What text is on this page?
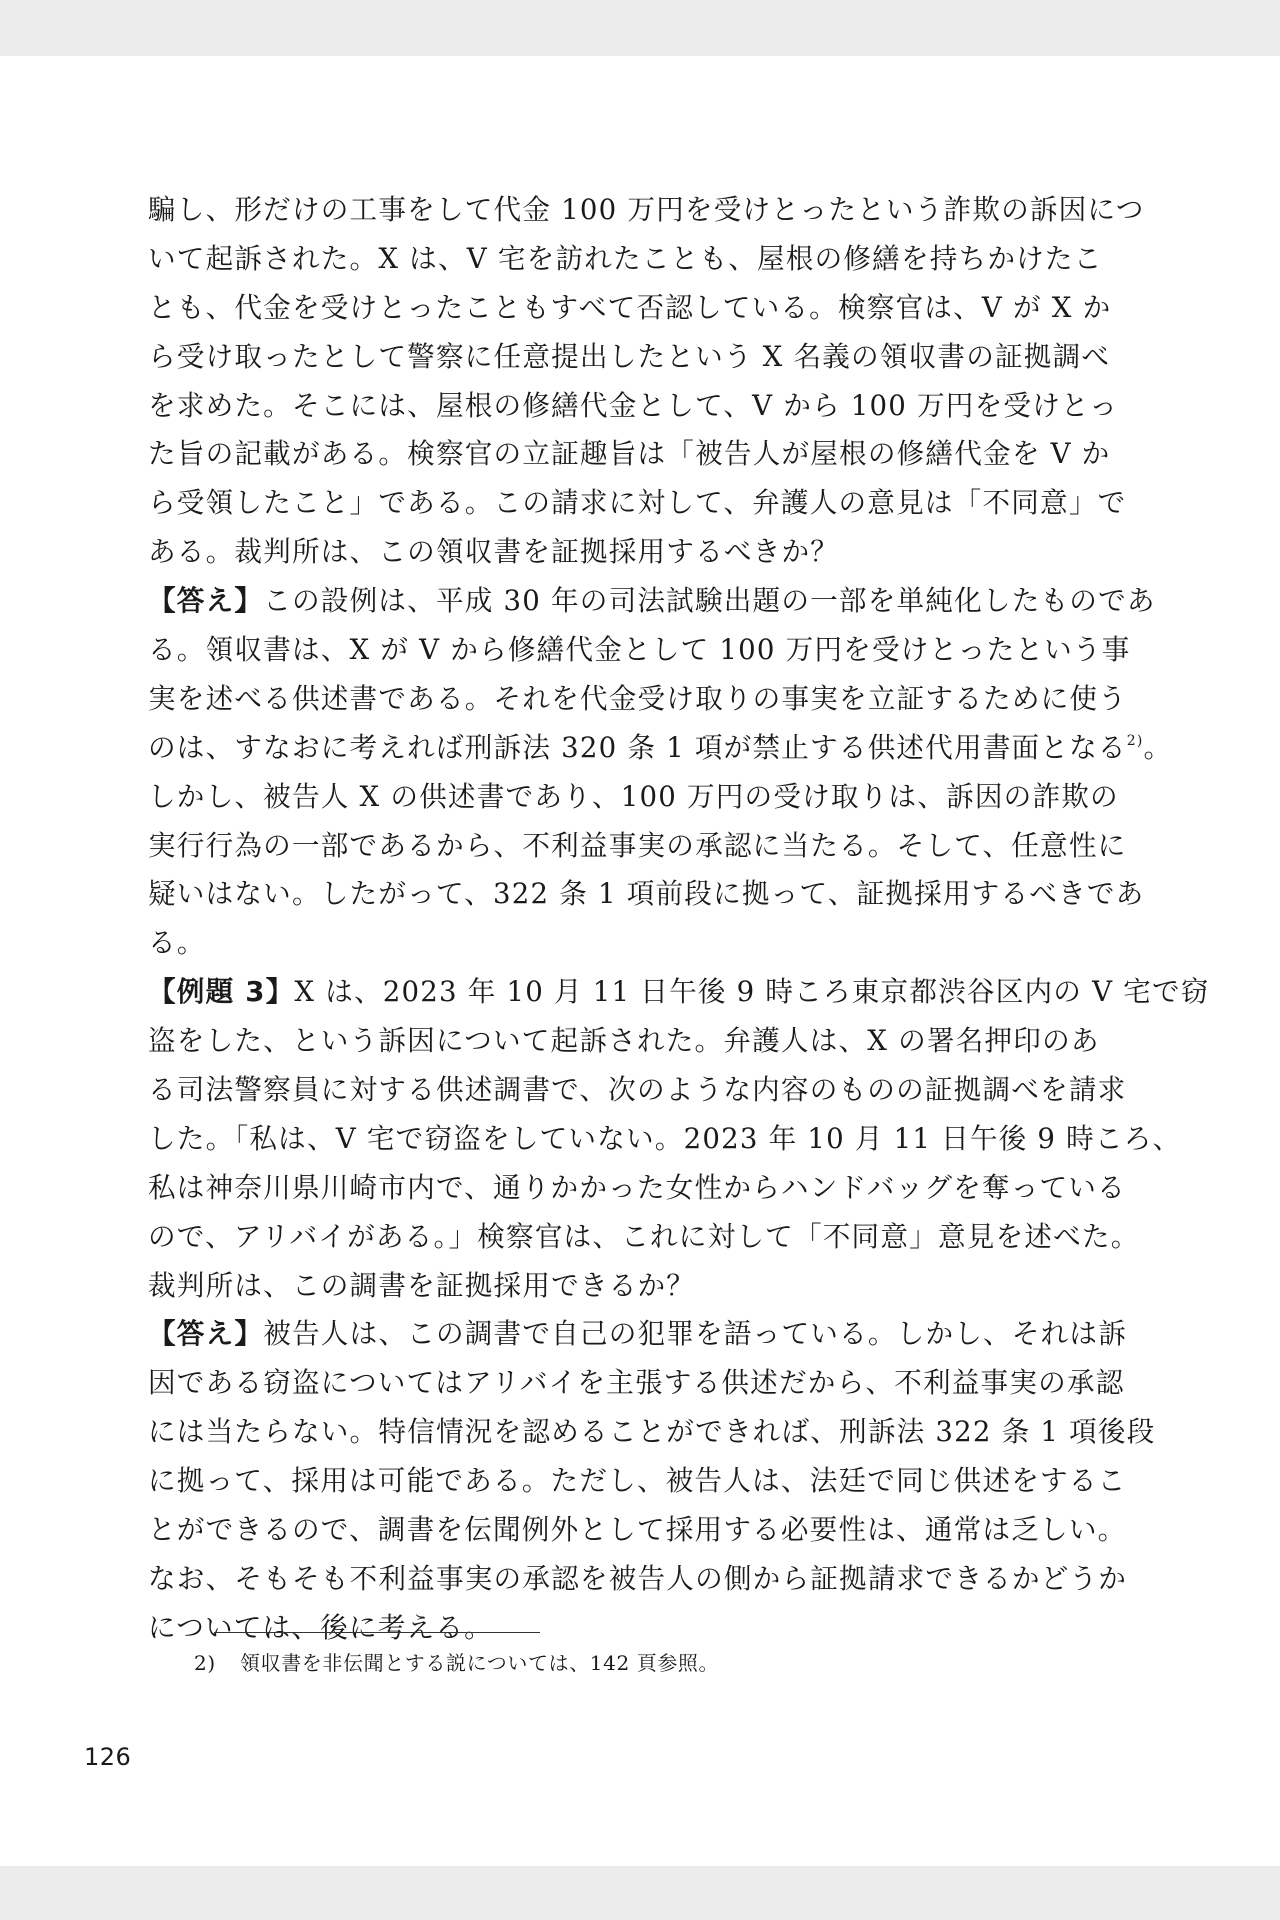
騙し、形だけの工事をして代金 100 万円を受けとったという詐欺の訴因につ
いて起訴された。X は、V 宅を訪れたことも、屋根の修繕を持ちかけたこ
とも、代金を受けとったこともすべて否認している。検察官は、V が X か
ら受け取ったとして警察に任意提出したという X 名義の領収書の証拠調べ
を求めた。そこには、屋根の修繕代金として、V から 100 万円を受けとっ
た旨の記載がある。検察官の立証趣旨は「被告人が屋根の修繕代金を V か
ら受領したこと」である。この請求に対して、弁護人の意見は「不同意」で
ある。裁判所は、この領収書を証拠採用するべきか？
【答え】この設例は、平成 30 年の司法試験出題の一部を単純化したものであ
る。領収書は、X が V から修繕代金として 100 万円を受けとったという事
実を述べる供述書である。それを代金受け取りの事実を立証するために使う
のは、すなおに考えれば刑訴法 320 条 1 項が禁止する供述代用書面となる$^{2)}$。
しかし、被告人 X の供述書であり、100 万円の受け取りは、訴因の詐欺の
実行行為の一部であるから、不利益事実の承認に当たる。そして、任意性に
疑いはない。したがって、322 条 1 項前段に拠って、証拠採用するべきであ
る。
【例題 3】X は、2023 年 10 月 11 日午後 9 時ころ東京都渋谷区内の V 宅で窃
盗をした、という訴因について起訴された。弁護人は、X の署名押印のあ
る司法警察員に対する供述調書で、次のような内容のものの証拠調べを請求
した。「私は、V 宅で窃盗をしていない。2023 年 10 月 11 日午後 9 時ころ、
私は神奈川県川崎市内で、通りかかった女性からハンドバッグを奪っている
ので、アリバイがある。」検察官は、これに対して「不同意」意見を述べた。
裁判所は、この調書を証拠採用できるか？
【答え】被告人は、この調書で自己の犯罪を語っている。しかし、それは訴
因である窃盗についてはアリバイを主張する供述だから、不利益事実の承認
には当たらない。特信情況を認めることができれば、刑訴法 322 条 1 項後段
に拠って、採用は可能である。ただし、被告人は、法廷で同じ供述をするこ
とができるので、調書を伝聞例外として採用する必要性は、通常は乏しい。
なお、そもそも不利益事実の承認を被告人の側から証拠請求できるかどうか
については、後に考える。
2) 領収書を非伝聞とする説については、142 頁参照。
126
